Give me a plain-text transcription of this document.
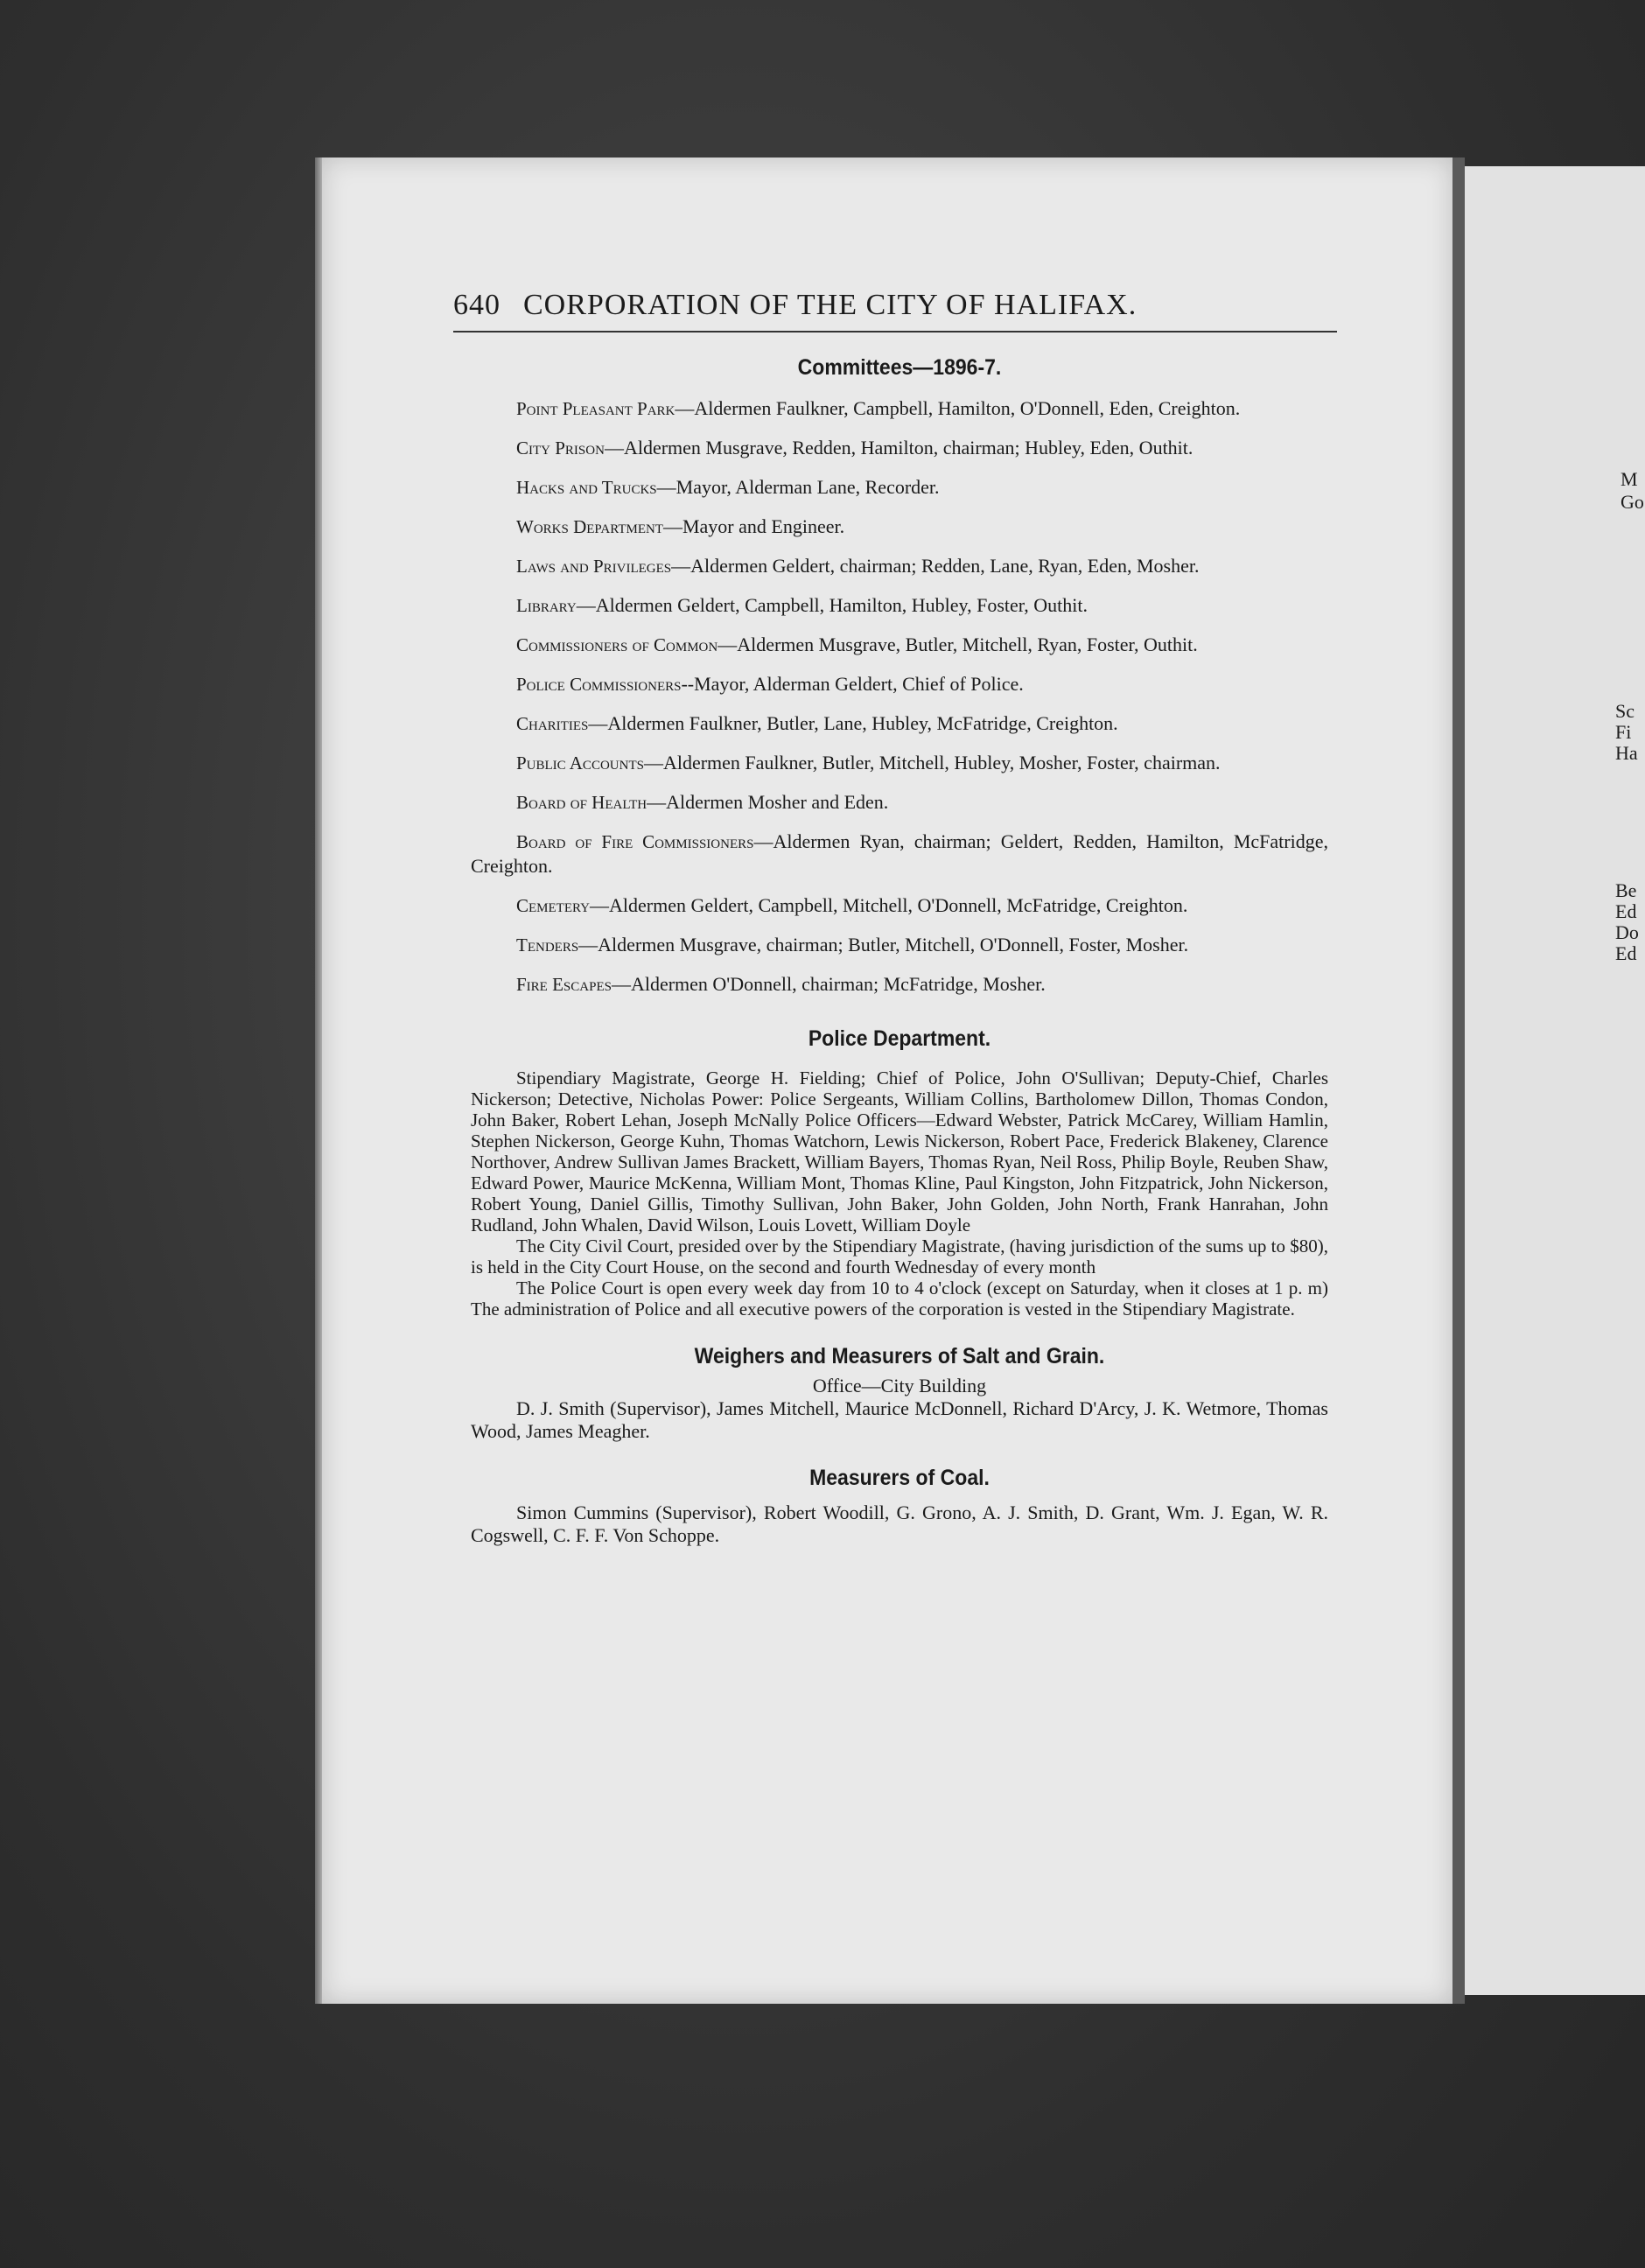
M
Go
Sc
Fi
Ha
Be
Ed
Do
Ed
640 CORPORATION OF THE CITY OF HALIFAX.
Committees—1896-7.

Point Pleasant Park—Aldermen Faulkner, Campbell, Hamilton, O'Donnell, Eden, Creighton.

City Prison—Aldermen Musgrave, Redden, Hamilton, chairman; Hubley, Eden, Outhit.

Hacks and Trucks—Mayor, Alderman Lane, Recorder.

Works Department—Mayor and Engineer.

Laws and Privileges—Aldermen Geldert, chairman; Redden, Lane, Ryan, Eden, Mosher.

Library—Aldermen Geldert, Campbell, Hamilton, Hubley, Foster, Outhit.

Commissioners of Common—Aldermen Musgrave, Butler, Mitchell, Ryan, Foster, Outhit.

Police Commissioners--Mayor, Alderman Geldert, Chief of Police.

Charities—Aldermen Faulkner, Butler, Lane, Hubley, McFatridge, Creighton.

Public Accounts—Aldermen Faulkner, Butler, Mitchell, Hubley, Mosher, Foster, chairman.

Board of Health—Aldermen Mosher and Eden.

Board of Fire Commissioners—Aldermen Ryan, chairman; Geldert, Redden, Hamilton, McFatridge, Creighton.

Cemetery—Aldermen Geldert, Campbell, Mitchell, O'Donnell, McFatridge, Creighton.

Tenders—Aldermen Musgrave, chairman; Butler, Mitchell, O'Donnell, Foster, Mosher.

Fire Escapes—Aldermen O'Donnell, chairman; McFatridge, Mosher.

Police Department.

Stipendiary Magistrate, George H. Fielding; Chief of Police, John O'Sullivan; Deputy-Chief, Charles Nickerson; Detective, Nicholas Power: Police Sergeants, William Collins, Bartholomew Dillon, Thomas Condon, John Baker, Robert Lehan, Joseph McNally Police Officers—Edward Webster, Patrick McCarey, William Hamlin, Stephen Nickerson, George Kuhn, Thomas Watchorn, Lewis Nickerson, Robert Pace, Frederick Blakeney, Clarence Northover, Andrew Sullivan James Brackett, William Bayers, Thomas Ryan, Neil Ross, Philip Boyle, Reuben Shaw, Edward Power, Maurice McKenna, William Mont, Thomas Kline, Paul Kingston, John Fitzpatrick, John Nickerson, Robert Young, Daniel Gillis, Timothy Sullivan, John Baker, John Golden, John North, Frank Hanrahan, John Rudland, John Whalen, David Wilson, Louis Lovett, William Doyle

The City Civil Court, presided over by the Stipendiary Magistrate, (having jurisdiction of the sums up to $80), is held in the City Court House, on the second and fourth Wednesday of every month

The Police Court is open every week day from 10 to 4 o'clock (except on Saturday, when it closes at 1 p. m) The administration of Police and all executive powers of the corporation is vested in the Stipendiary Magistrate.

Weighers and Measurers of Salt and Grain.

Office—City Building

D. J. Smith (Supervisor), James Mitchell, Maurice McDonnell, Richard D'Arcy, J. K. Wetmore, Thomas Wood, James Meagher.

Measurers of Coal.

Simon Cummins (Supervisor), Robert Woodill, G. Grono, A. J. Smith, D. Grant, Wm. J. Egan, W. R. Cogswell, C. F. F. Von Schoppe.
